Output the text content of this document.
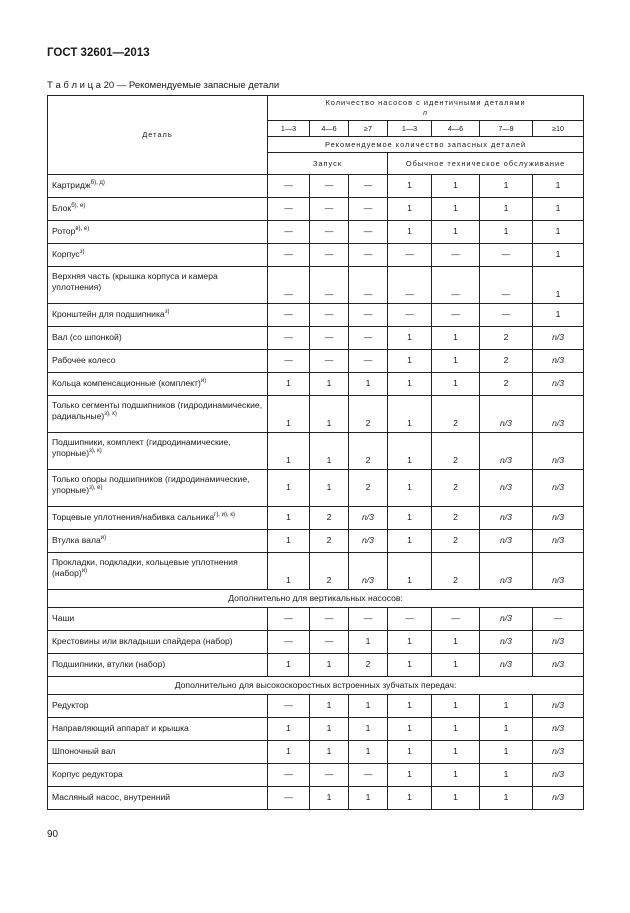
ГОСТ 32601—2013
Т а б л и ц а 20 — Рекомендуемые запасные детали
Деталь	Количество насосов с идентичными деталями
n						

	1—3	4—6	≥7	1—3	4—6	7—9	≥10
	Рекомендуемое количество запасных деталей						
	Запуск			Обычное техническое обслуживание			
Картридж$^{б), д)}$	—	—	—	1	1	1	1
Блок$^{б), е)}$	—	—	—	1	1	1	1
Ротор$^{в), е)}$	—	—	—	1	1	1	1
Корпус$^{з)}$	—	—	—	—	—	—	1
Верхняя часть (крышка корпуса и камера уплотнения)	—	—	—	—	—	—	1
Кронштейн для подшипника$^{з)}$	—	—	—	—	—	—	1
Вал (со шпонкой)	—	—	—	1	1	2	n/3
Рабочее колесо	—	—	—	1	1	2	n/3
Кольца компенсационные (комплект)$^{и)}$	1	1	1	1	1	2	n/3
Только сегменты подшипников (гидродинамические, радиальные)$^{з), к)}$	1	1	2	1	2	n/3	n/3
Подшипники, комплект (гидродинамические, упорные)$^{з), к)}$	1	1	2	1	2	n/3	n/3
Только опоры подшипников (гидродинамические, упорные)$^{з), е)}$	1	1	2	1	2	n/3	n/3
Торцевые уплотнения/набивка сальника$^{г), и), к)}$	1	2	n/3	1	2	n/3	n/3
Втулка вала$^{и)}$	1	2	n/3	1	2	n/3	n/3
Прокладки, подкладки, кольцевые уплотнения (набор)$^{и)}$	1	2	n/3	1	2	n/3	n/3
Дополнительно для вертикальных насосов:							
Чаши	—	—	—	—	—	n/3	—
Крестовины или вкладыши спайдера (набор)	—	—	1	1	1	n/3	n/3
Подшипники, втулки (набор)	1	1	2	1	1	n/3	n/3
Дополнительно для высокоскоростных встроенных зубчатых передач:							
Редуктор	—	1	1	1	1	1	n/3
Направляющий аппарат и крышка	1	1	1	1	1	1	n/3
Шпоночный вал	1	1	1	1	1	1	n/3
Корпус редуктора	—	—	—	1	1	1	n/3
Масляный насос, внутренний	—	1	1	1	1	1	n/3
90
